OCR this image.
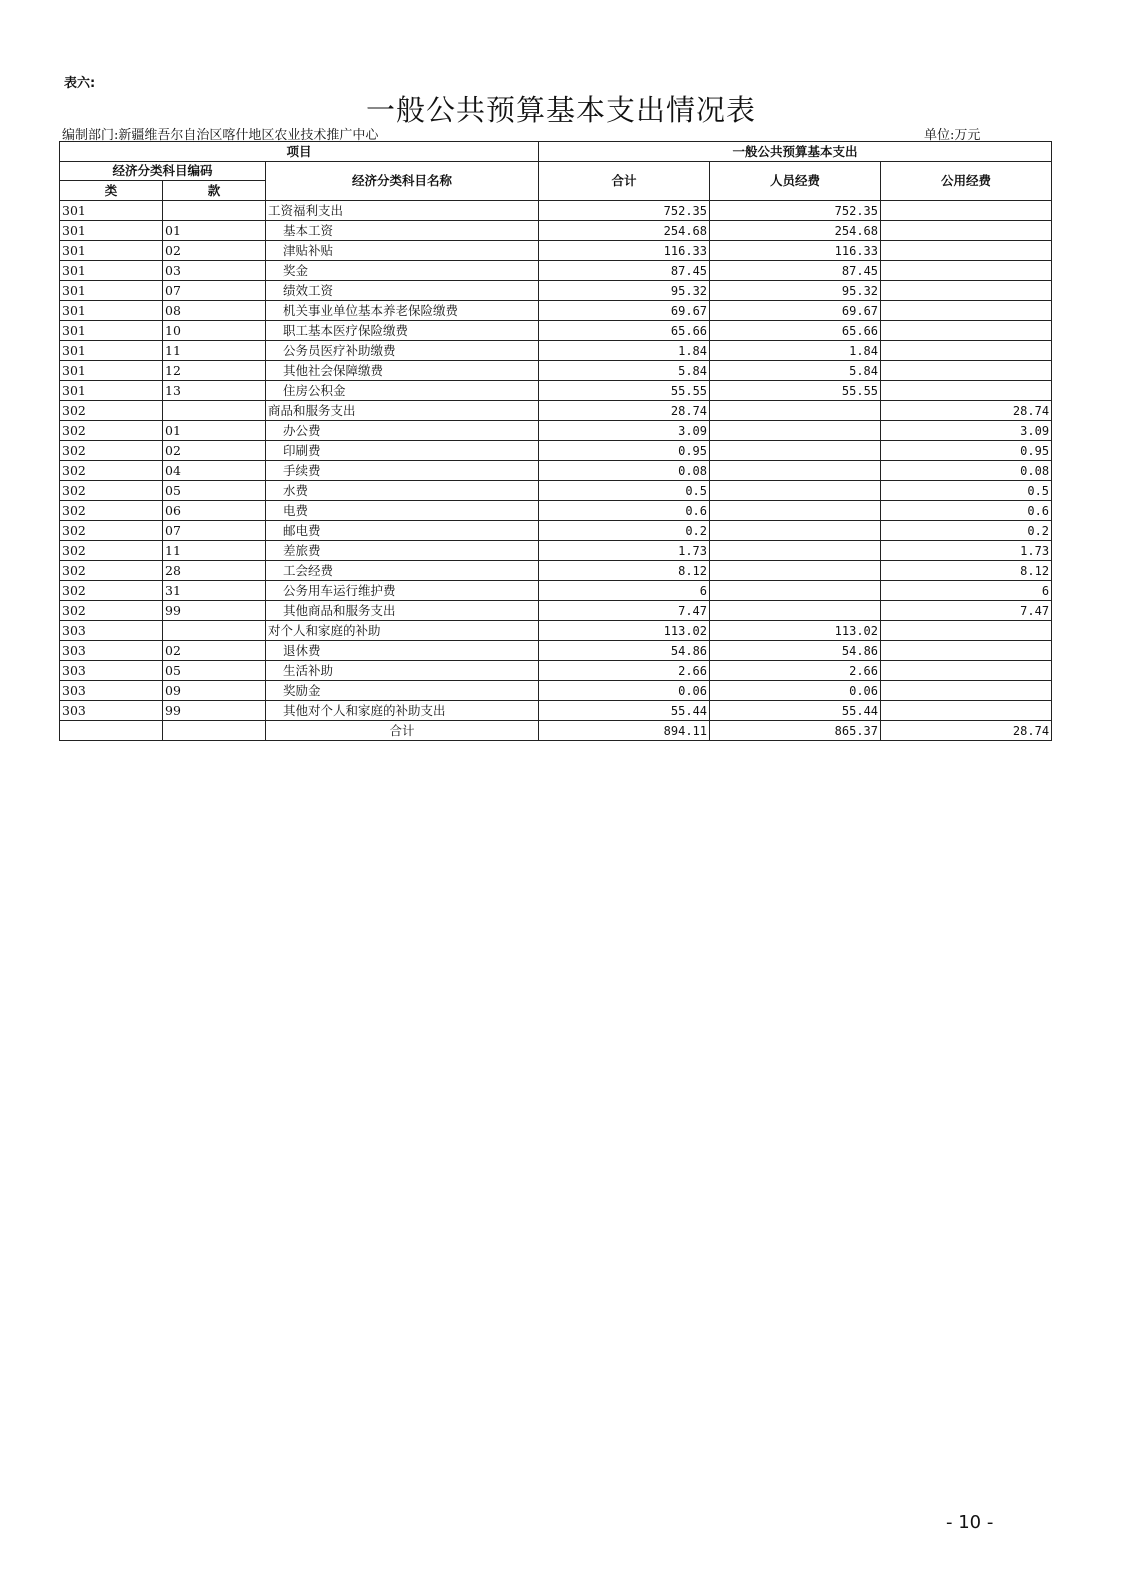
表六:
一般公共预算基本支出情况表
编制部门:新疆维吾尔自治区喀什地区农业技术推广中心	单位:万元
项目			一般公共预算基本支出		
经济分类科目编码		经济分类科目名称	合计	人员经费	公用经费
类	款				
301		工资福利支出	752.35	752.35	
301	01	基本工资	254.68	254.68	
301	02	津贴补贴	116.33	116.33	
301	03	奖金	87.45	87.45	
301	07	绩效工资	95.32	95.32	
301	08	机关事业单位基本养老保险缴费	69.67	69.67	
301	10	职工基本医疗保险缴费	65.66	65.66	
301	11	公务员医疗补助缴费	1.84	1.84	
301	12	其他社会保障缴费	5.84	5.84	
301	13	住房公积金	55.55	55.55	
302		商品和服务支出	28.74		28.74
302	01	办公费	3.09		3.09
302	02	印刷费	0.95		0.95
302	04	手续费	0.08		0.08
302	05	水费	0.5		0.5
302	06	电费	0.6		0.6
302	07	邮电费	0.2		0.2
302	11	差旅费	1.73		1.73
302	28	工会经费	8.12		8.12
302	31	公务用车运行维护费	6		6
302	99	其他商品和服务支出	7.47		7.47
303		对个人和家庭的补助	113.02	113.02	
303	02	退休费	54.86	54.86	
303	05	生活补助	2.66	2.66	
303	09	奖励金	0.06	0.06	
303	99	其他对个人和家庭的补助支出	55.44	55.44	
		合计	894.11	865.37	28.74
- 10 -
